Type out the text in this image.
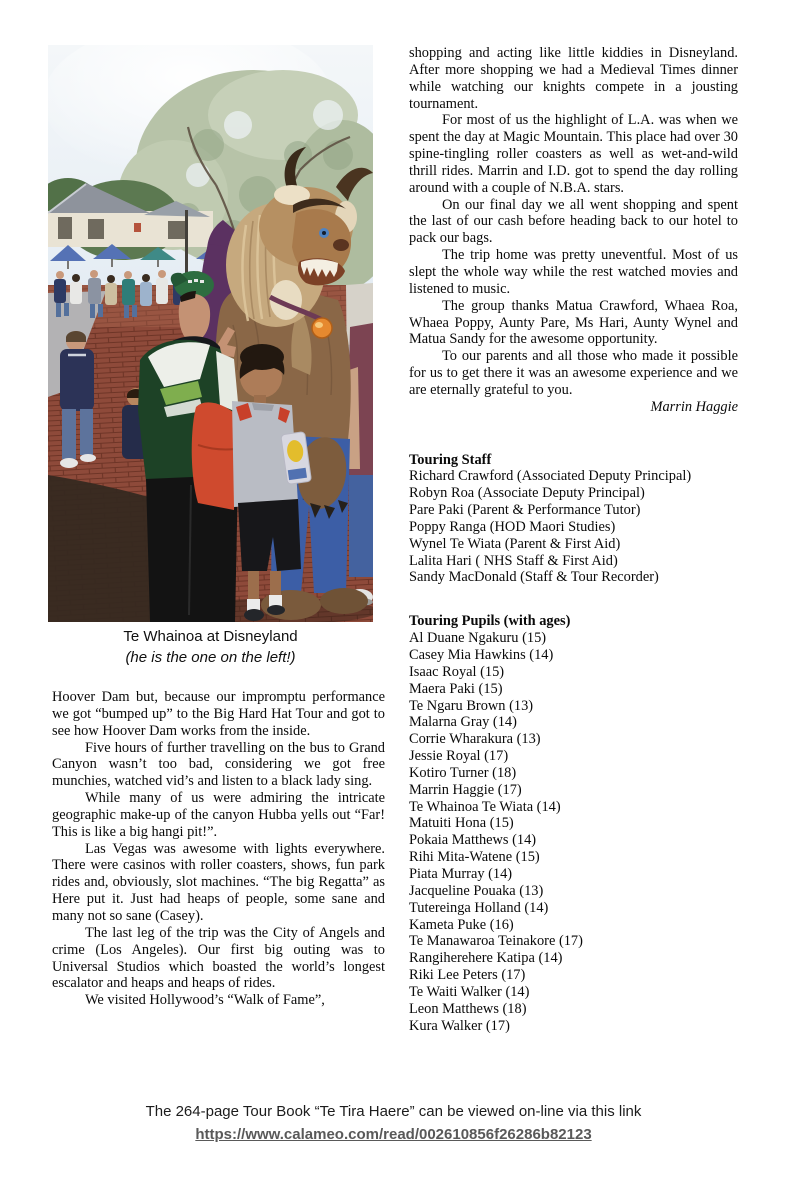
Te Whainoa at Disneyland
(he is the one on the left!)

Hoover Dam but, because our impromptu performance we got “bumped up” to the Big Hard Hat Tour and got to see how Hoover Dam works from the inside.

Five hours of further travelling on the bus to Grand Canyon wasn’t too bad, considering we got free munchies, watched vid’s and listen to a black lady sing.

While many of us were admiring the intricate geographic make-up of the canyon Hubba yells out “Far! This is like a big hangi pit!”.

Las Vegas was awesome with lights everywhere. There were casinos with roller coasters, shows, fun park rides and, obviously, slot machines. “The big Regatta” as Here put it. Just had heaps of people, some sane and many not so sane (Casey).

The last leg of the trip was the City of Angels and crime (Los Angeles). Our first big outing was to Universal Studios which boasted the world’s longest escalator and heaps and heaps of rides.

We visited Hollywood’s “Walk of Fame”,

shopping and acting like little kiddies in Disneyland. After more shopping we had a Medieval Times dinner while watching our knights compete in a jousting tournament.

For most of us the highlight of L.A. was when we spent the day at Magic Mountain. This place had over 30 spine-tingling roller coasters as well as wet-and-wild thrill rides. Marrin and I.D. got to spend the day rolling around with a couple of N.B.A. stars.

On our final day we all went shopping and spent the last of our cash before heading back to our hotel to pack our bags.

The trip home was pretty uneventful. Most of us slept the whole way while the rest watched movies and listened to music.

The group thanks Matua Crawford, Whaea Roa, Whaea Poppy, Aunty Pare, Ms Hari, Aunty Wynel and Matua Sandy for the awesome opportunity.

To our parents and all those who made it possible for us to get there it was an awesome experience and we are eternally grateful to you.

Marrin Haggie

Touring Staff
Richard Crawford (Associated Deputy Principal)
Robyn Roa (Associate Deputy Principal)
Pare Paki (Parent & Performance Tutor)
Poppy Ranga (HOD Maori Studies)
Wynel Te Wiata (Parent & First Aid)
Lalita Hari ( NHS Staff & First Aid)
Sandy MacDonald (Staff & Tour Recorder)
Touring Pupils (with ages)
Al Duane Ngakuru (15)
Casey Mia Hawkins (14)
Isaac Royal (15)
Maera Paki (15)
Te Ngaru Brown (13)
Malarna Gray (14)
Corrie Wharakura (13)
Jessie Royal (17)
Kotiro Turner (18)
Marrin Haggie (17)
Te Whainoa Te Wiata (14)
Matuiti Hona (15)
Pokaia Matthews (14)
Rihi Mita-Watene (15)
Piata Murray (14)
Jacqueline Pouaka (13)
Tutereinga Holland (14)
Kameta Puke (16)
Te Manawaroa Teinakore (17)
Rangiherehere Katipa (14)
Riki Lee Peters (17)
Te Waiti Walker (14)
Leon Matthews (18)
Kura Walker (17)
The 264-page Tour Book “Te Tira Haere” can be viewed on-line via this link
https://www.calameo.com/read/002610856f26286b82123
